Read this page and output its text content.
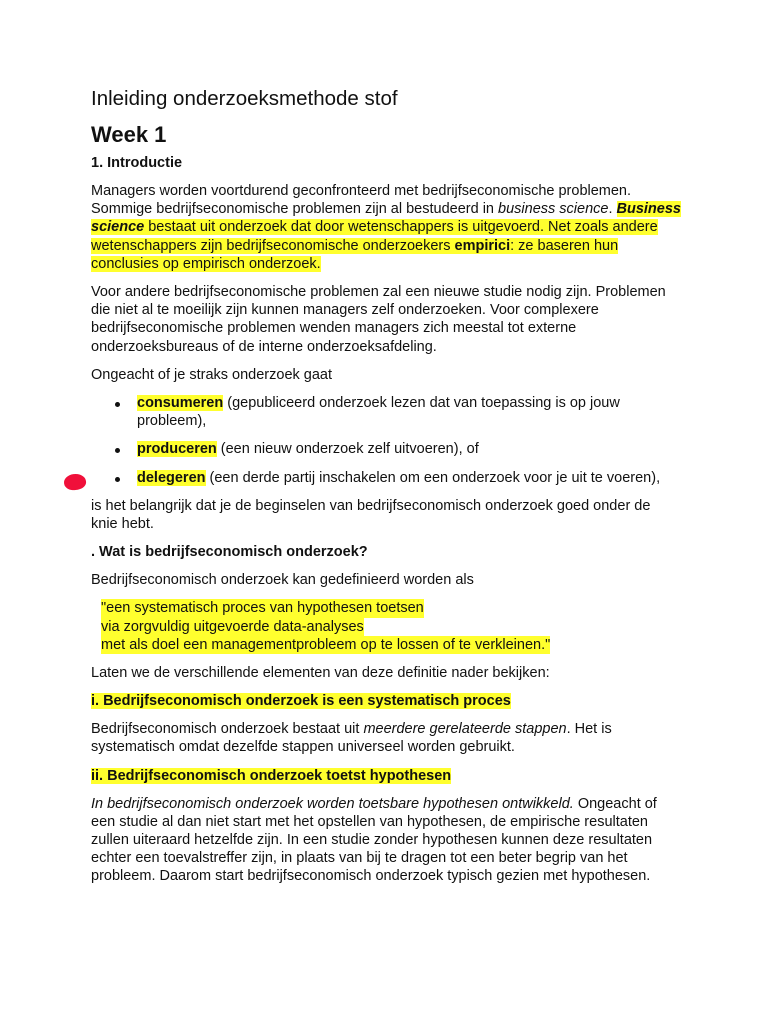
Inleiding onderzoeksmethode stof
Week 1
1. Introductie

Managers worden voortdurend geconfronteerd met bedrijfseconomische problemen. Sommige bedrijfseconomische problemen zijn al bestudeerd in business science. Business science bestaat uit onderzoek dat door wetenschappers is uitgevoerd. Net zoals andere wetenschappers zijn bedrijfseconomische onderzoekers empirici: ze baseren hun conclusies op empirisch onderzoek.

Voor andere bedrijfseconomische problemen zal een nieuwe studie nodig zijn. Problemen die niet al te moeilijk zijn kunnen managers zelf onderzoeken. Voor complexere bedrijfseconomische problemen wenden managers zich meestal tot externe onderzoeksbureaus of de interne onderzoeksafdeling.

Ongeacht of je straks onderzoek gaat

consumeren (gepubliceerd onderzoek lezen dat van toepassing is op jouw probleem),
produceren (een nieuw onderzoek zelf uitvoeren), of
delegeren (een derde partij inschakelen om een onderzoek voor je uit te voeren),

is het belangrijk dat je de beginselen van bedrijfseconomisch onderzoek goed onder de knie hebt.

. Wat is bedrijfseconomisch onderzoek?

Bedrijfseconomisch onderzoek kan gedefinieerd worden als

"een systematisch proces van hypothesen toetsen
via zorgvuldig uitgevoerde data-analyses
met als doel een managementprobleem op te lossen of te verkleinen."

Laten we de verschillende elementen van deze definitie nader bekijken:

i. Bedrijfseconomisch onderzoek is een systematisch proces

Bedrijfseconomisch onderzoek bestaat uit meerdere gerelateerde stappen. Het is systematisch omdat dezelfde stappen universeel worden gebruikt.

ii. Bedrijfseconomisch onderzoek toetst hypothesen

In bedrijfseconomisch onderzoek worden toetsbare hypothesen ontwikkeld. Ongeacht of een studie al dan niet start met het opstellen van hypothesen, de empirische resultaten zullen uiteraard hetzelfde zijn. In een studie zonder hypothesen kunnen deze resultaten echter een toevalstreffer zijn, in plaats van bij te dragen tot een beter begrip van het probleem. Daarom start bedrijfseconomisch onderzoek typisch gezien met hypothesen.
